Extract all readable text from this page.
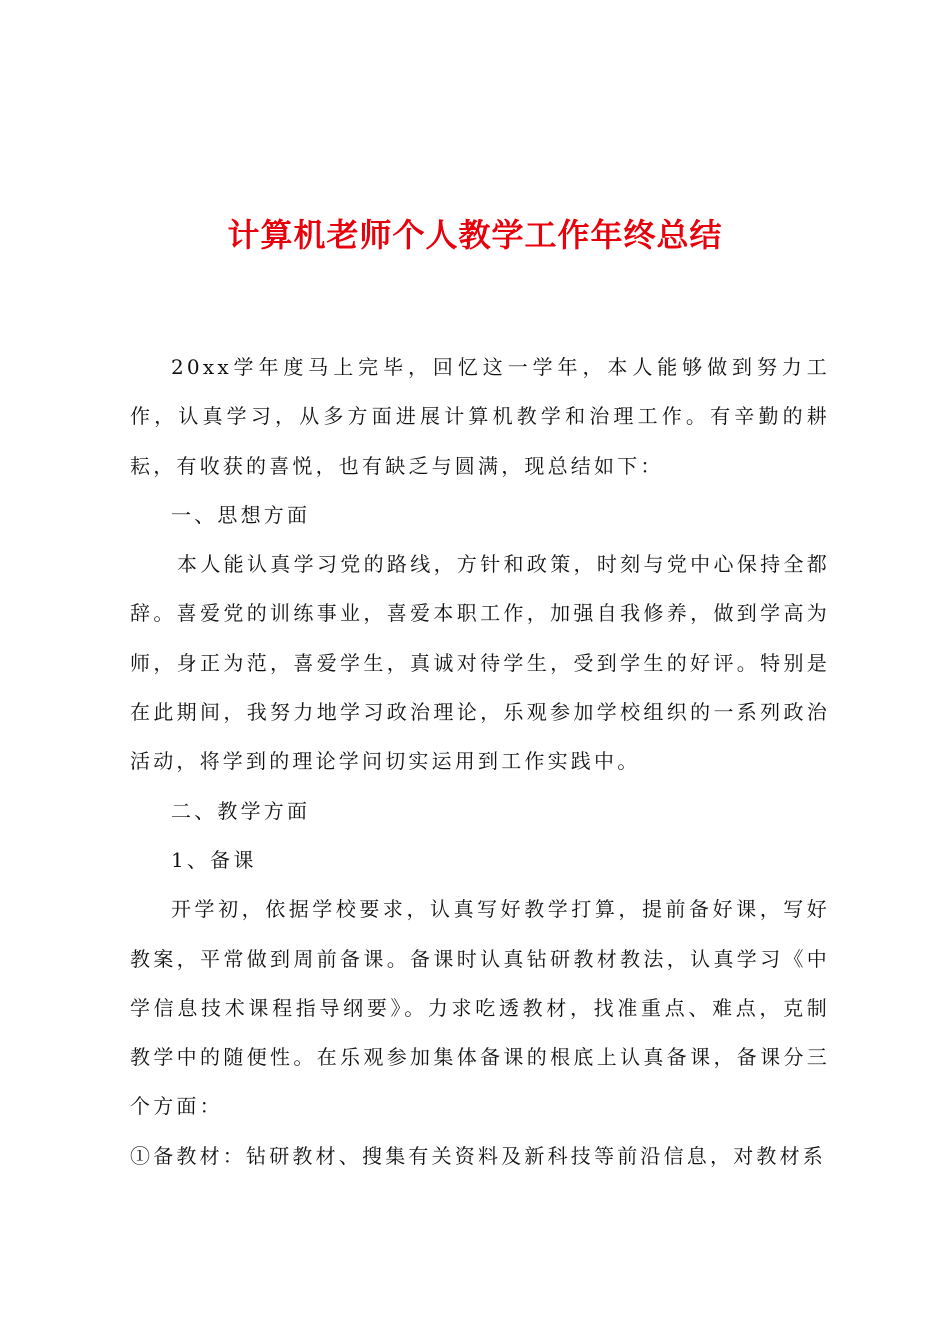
计算机老师个人教学工作年终总结

20xx学年度马上完毕，回忆这一学年，本人能够做到努力工作，认真学习，从多方面进展计算机教学和治理工作。有辛勤的耕耘，有收获的喜悦，也有缺乏与圆满，现总结如下：

一、思想方面

本人能认真学习党的路线，方针和政策，时刻与党中心保持全都辞。喜爱党的训练事业，喜爱本职工作，加强自我修养，做到学高为师，身正为范，喜爱学生，真诚对待学生，受到学生的好评。特别是在此期间，我努力地学习政治理论，乐观参加学校组织的一系列政治活动，将学到的理论学问切实运用到工作实践中。

二、教学方面

1、备课

开学初，依据学校要求，认真写好教学打算，提前备好课，写好教案，平常做到周前备课。备课时认真钻研教材教法，认真学习《中学信息技术课程指导纲要》。力求吃透教材，找准重点、难点，克制教学中的随便性。在乐观参加集体备课的根底上认真备课，备课分三个方面：

①备教材：钻研教材、搜集有关资料及新科技等前沿信息，对教材系
